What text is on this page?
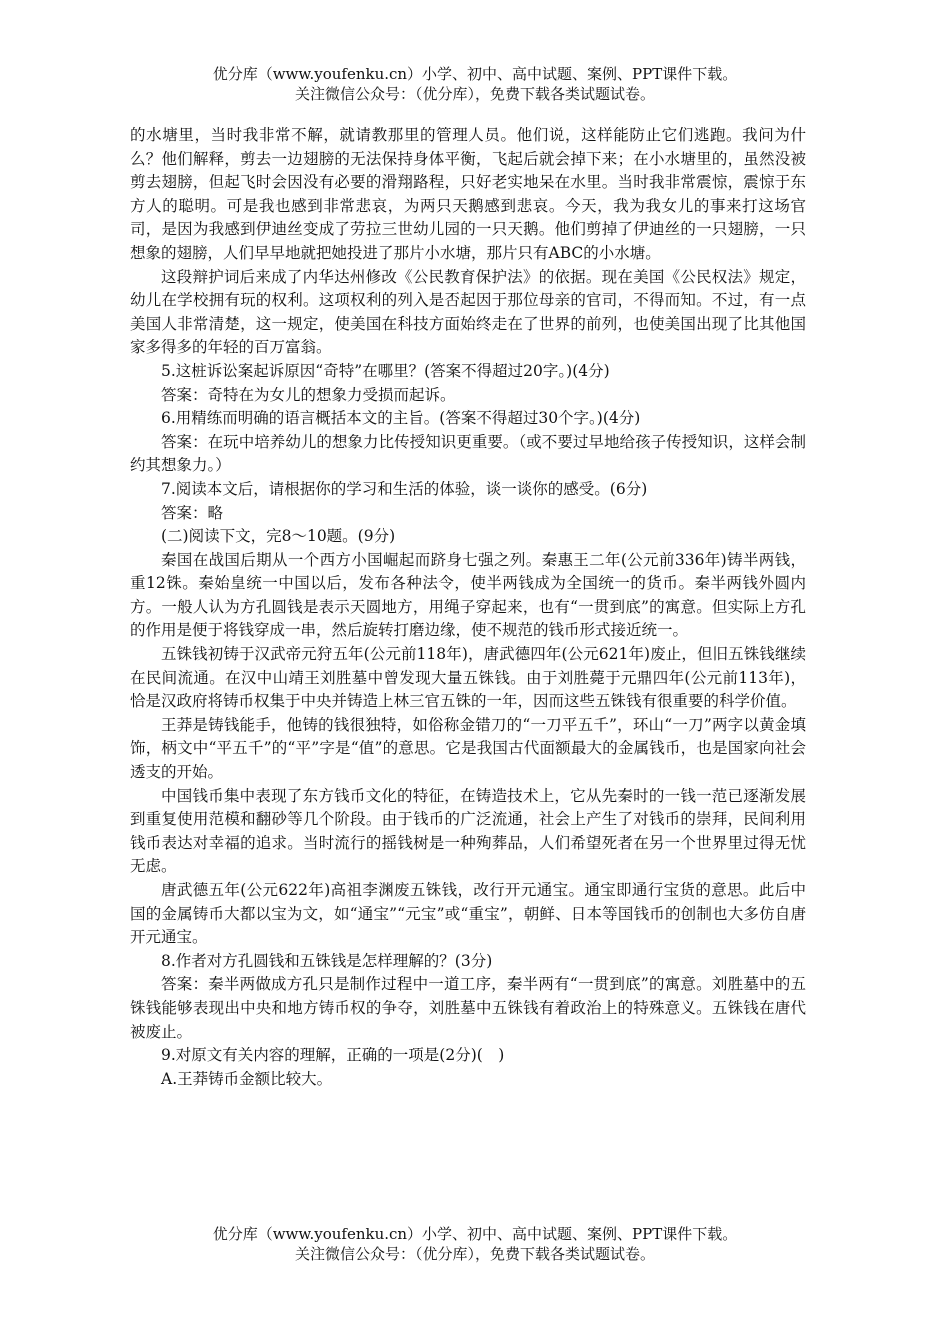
优分库（www.youfenku.cn）小学、初中、高中试题、案例、PPT课件下载。
关注微信公众号：（优分库），免费下载各类试题试卷。

的水塘里，当时我非常不解，就请教那里的管理人员。他们说，这样能防止它们逃跑。我问为什么？他们解释，剪去一边翅膀的无法保持身体平衡，飞起后就会掉下来；在小水塘里的，虽然没被剪去翅膀，但起飞时会因没有必要的滑翔路程，只好老实地呆在水里。当时我非常震惊，震惊于东方人的聪明。可是我也感到非常悲哀，为两只天鹅感到悲哀。今天，我为我女儿的事来打这场官司，是因为我感到伊迪丝变成了劳拉三世幼儿园的一只天鹅。他们剪掉了伊迪丝的一只翅膀，一只想象的翅膀，人们早早地就把她投进了那片小水塘，那片只有ABC的小水塘。

这段辩护词后来成了内华达州修改《公民教育保护法》的依据。现在美国《公民权法》规定，幼儿在学校拥有玩的权利。这项权利的列入是否起因于那位母亲的官司，不得而知。不过，有一点美国人非常清楚，这一规定，使美国在科技方面始终走在了世界的前列，也使美国出现了比其他国家多得多的年轻的百万富翁。

5.这桩诉讼案起诉原因“奇特”在哪里？(答案不得超过20字。)(4分)

答案：奇特在为女儿的想象力受损而起诉。

6.用精练而明确的语言概括本文的主旨。(答案不得超过30个字。)(4分)

答案：在玩中培养幼儿的想象力比传授知识更重要。（或不要过早地给孩子传授知识，这样会制约其想象力。）

7.阅读本文后，请根据你的学习和生活的体验，谈一谈你的感受。(6分)

答案：略

(二)阅读下文，完8～10题。(9分)

秦国在战国后期从一个西方小国崛起而跻身七强之列。秦惠王二年(公元前336年)铸半两钱，重12铢。秦始皇统一中国以后，发布各种法令，使半两钱成为全国统一的货币。秦半两钱外圆内方。一般人认为方孔圆钱是表示天圆地方，用绳子穿起来，也有“一贯到底”的寓意。但实际上方孔的作用是便于将钱穿成一串，然后旋转打磨边缘，使不规范的钱币形式接近统一。

五铢钱初铸于汉武帝元狩五年(公元前118年)，唐武德四年(公元621年)废止，但旧五铢钱继续在民间流通。在汉中山靖王刘胜墓中曾发现大量五铢钱。由于刘胜薨于元鼎四年(公元前113年)，恰是汉政府将铸币权集于中央并铸造上林三官五铢的一年，因而这些五铢钱有很重要的科学价值。

王莽是铸钱能手，他铸的钱很独特，如俗称金错刀的“一刀平五千”，环山“一刀”两字以黄金填饰，柄文中“平五千”的“平”字是“值”的意思。它是我国古代面额最大的金属钱币，也是国家向社会透支的开始。

中国钱币集中表现了东方钱币文化的特征，在铸造技术上，它从先秦时的一钱一范已逐渐发展到重复使用范模和翻砂等几个阶段。由于钱币的广泛流通，社会上产生了对钱币的崇拜，民间利用钱币表达对幸福的追求。当时流行的摇钱树是一种殉葬品，人们希望死者在另一个世界里过得无忧无虑。

唐武德五年(公元622年)高祖李渊废五铢钱，改行开元通宝。通宝即通行宝货的意思。此后中国的金属铸币大都以宝为文，如“通宝”“元宝”或“重宝”，朝鲜、日本等国钱币的创制也大多仿自唐开元通宝。

8.作者对方孔圆钱和五铢钱是怎样理解的？(3分)

答案：秦半两做成方孔只是制作过程中一道工序，秦半两有“一贯到底”的寓意。刘胜墓中的五铢钱能够表现出中央和地方铸币权的争夺，刘胜墓中五铢钱有着政治上的特殊意义。五铢钱在唐代被废止。

9.对原文有关内容的理解，正确的一项是(2分)(　)

A.王莽铸币金额比较大。

优分库（www.youfenku.cn）小学、初中、高中试题、案例、PPT课件下载。
关注微信公众号：（优分库），免费下载各类试题试卷。
